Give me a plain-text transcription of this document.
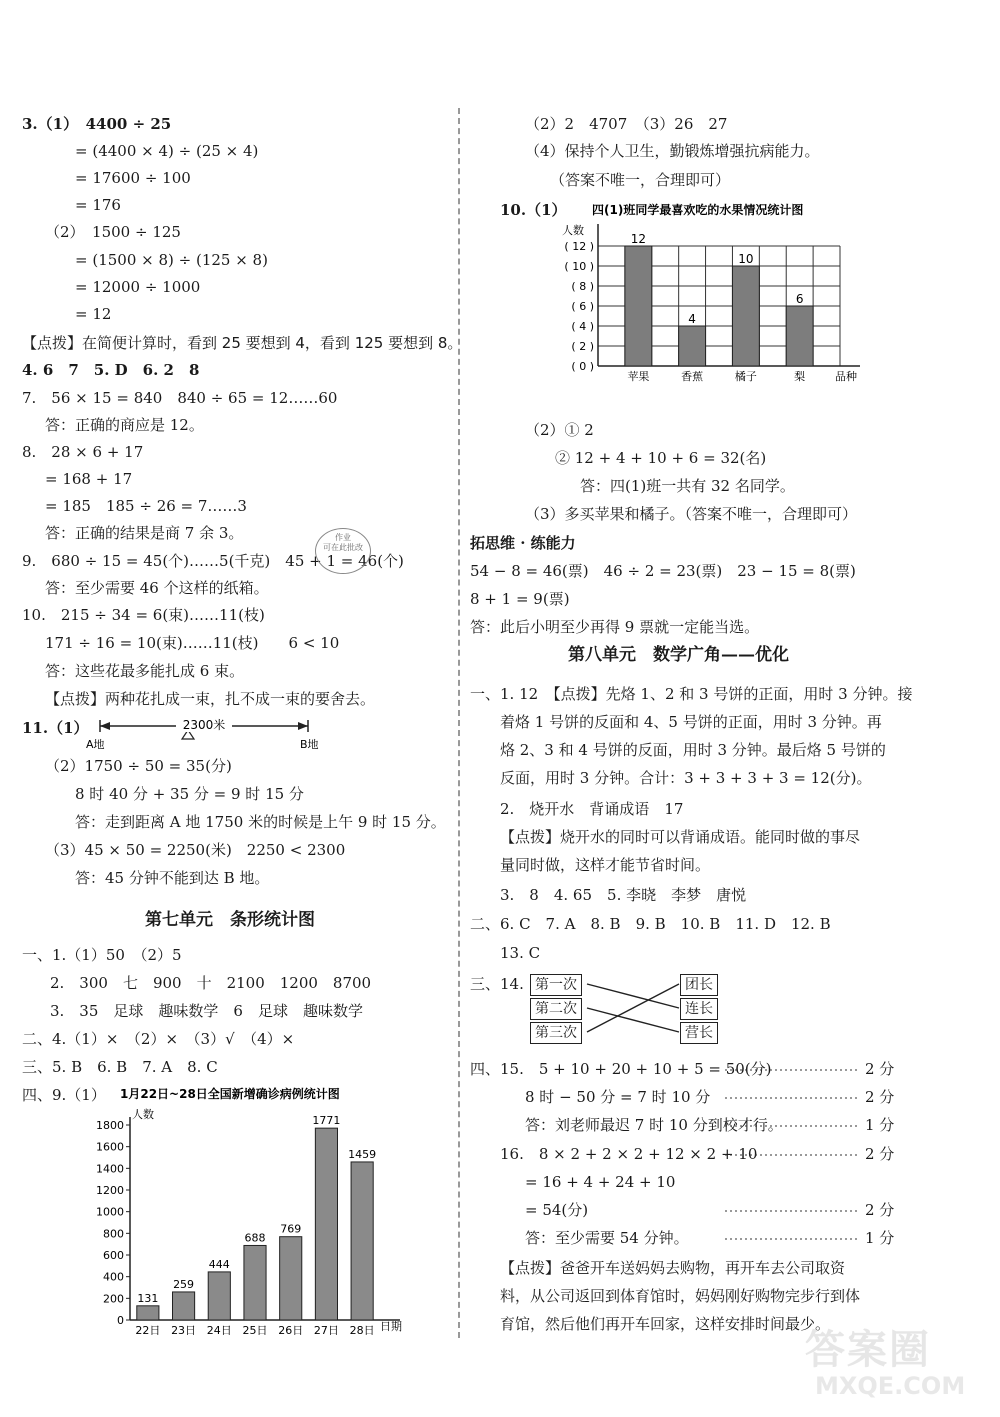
3.（1）　4400 ÷ 25
= (4400 × 4) ÷ (25 × 4)
= 17600 ÷ 100
= 176
（2）　1500 ÷ 125
= (1500 × 8) ÷ (125 × 8)
= 12000 ÷ 1000
= 12
【点拨】在简便计算时，看到 25 要想到 4，看到 125 要想到 8。
4. 6　7　5. D　6. 2　8
7.　56 × 15 = 840　840 ÷ 65 = 12……60
答：正确的商应是 12。
8.　28 × 6 + 17
= 168 + 17
= 185　185 ÷ 26 = 7……3
答：正确的结果是商 7 余 3。
9.　680 ÷ 15 = 45(个)……5(千克)　45 + 1 = 46(个)
答：至少需要 46 个这样的纸箱。
作业
可在此批改
10.　215 ÷ 34 = 6(束)……11(枝)
171 ÷ 16 = 10(束)……11(枝)　　6 < 10
答：这些花最多能扎成 6 束。
【点拨】两种花扎成一束，扎不成一束的要舍去。
11.（1）	2300米
A地	B地
（2）1750 ÷ 50 = 35(分)
8 时 40 分 + 35 分 = 9 时 15 分
答：走到距离 A 地 1750 米的时候是上午 9 时 15 分。
（3）45 × 50 = 2250(米)　2250 < 2300
答：45 分钟不能到达 B 地。
第七单元　条形统计图
一、1.（1）50　（2）5
2.　300　七　900　十　2100　1200　8700
3.　35　足球　趣味数学　6　足球　趣味数学
二、4.（1）×　（2）×　（3）√　（4）×
三、5. B　6. B　7. A　8. C
四、9.（1） 1月22日~28日全国新增确诊病例统计图
人数
日期
0
200
400
600
800
1000
1200
1400
1600
1800
131
22日
259
23日
444
24日
688
25日
769
26日
1771
27日
1459
28日
（2）2　4707　（3）26　27
（4）保持个人卫生，勤锻炼增强抗病能力。
（答案不唯一，合理即可）
10.（1） 四(1)班同学最喜欢吃的水果情况统计图
人数
品种
( 0 )
( 2 )
( 4 )
( 6 )
( 8 )
( 10 )
( 12 )
12
苹果
4
香蕉
10
橘子
6
梨
（2）① 2
② 12 + 4 + 10 + 6 = 32(名)
答：四(1)班一共有 32 名同学。
（3）多买苹果和橘子。（答案不唯一，合理即可）
拓思维 · 练能力
54 − 8 = 46(票)　46 ÷ 2 = 23(票)　23 − 15 = 8(票)
8 + 1 = 9(票)
答：此后小明至少再得 9 票就一定能当选。
第八单元　数学广角——优化
一、1. 12　【点拨】先烙 1、2 和 3 号饼的正面，用时 3 分钟。接
着烙 1 号饼的反面和 4、5 号饼的正面，用时 3 分钟。再
烙 2、3 和 4 号饼的反面，用时 3 分钟。最后烙 5 号饼的
反面，用时 3 分钟。合计：3 + 3 + 3 + 3 = 12(分)。
2.　烧开水　背诵成语　17
【点拨】烧开水的同时可以背诵成语。能同时做的事尽
量同时做，这样才能节省时间。
3.　8　4. 65　5. 李晓　李梦　唐悦
二、6. C　7. A　8. B　9. B　10. B　11. D　12. B
13. C
三、14. 第一次
第二次
第三次
团长
连长
营长
四、15.　5 + 10 + 20 + 10 + 5 = 50(分)
8 时 − 50 分 = 7 时 10 分
答：刘老师最迟 7 时 10 分到校才行。
16.　8 × 2 + 2 × 2 + 12 × 2 + 10
= 16 + 4 + 24 + 10
= 54(分)
答：至少需要 54 分钟。
2 分
2 分
1 分
2 分
2 分
1 分
【点拨】爸爸开车送妈妈去购物，再开车去公司取资
料，从公司返回到体育馆时，妈妈刚好购物完步行到体
育馆，然后他们再开车回家，这样安排时间最少。
答案圈
MXQE.COM
